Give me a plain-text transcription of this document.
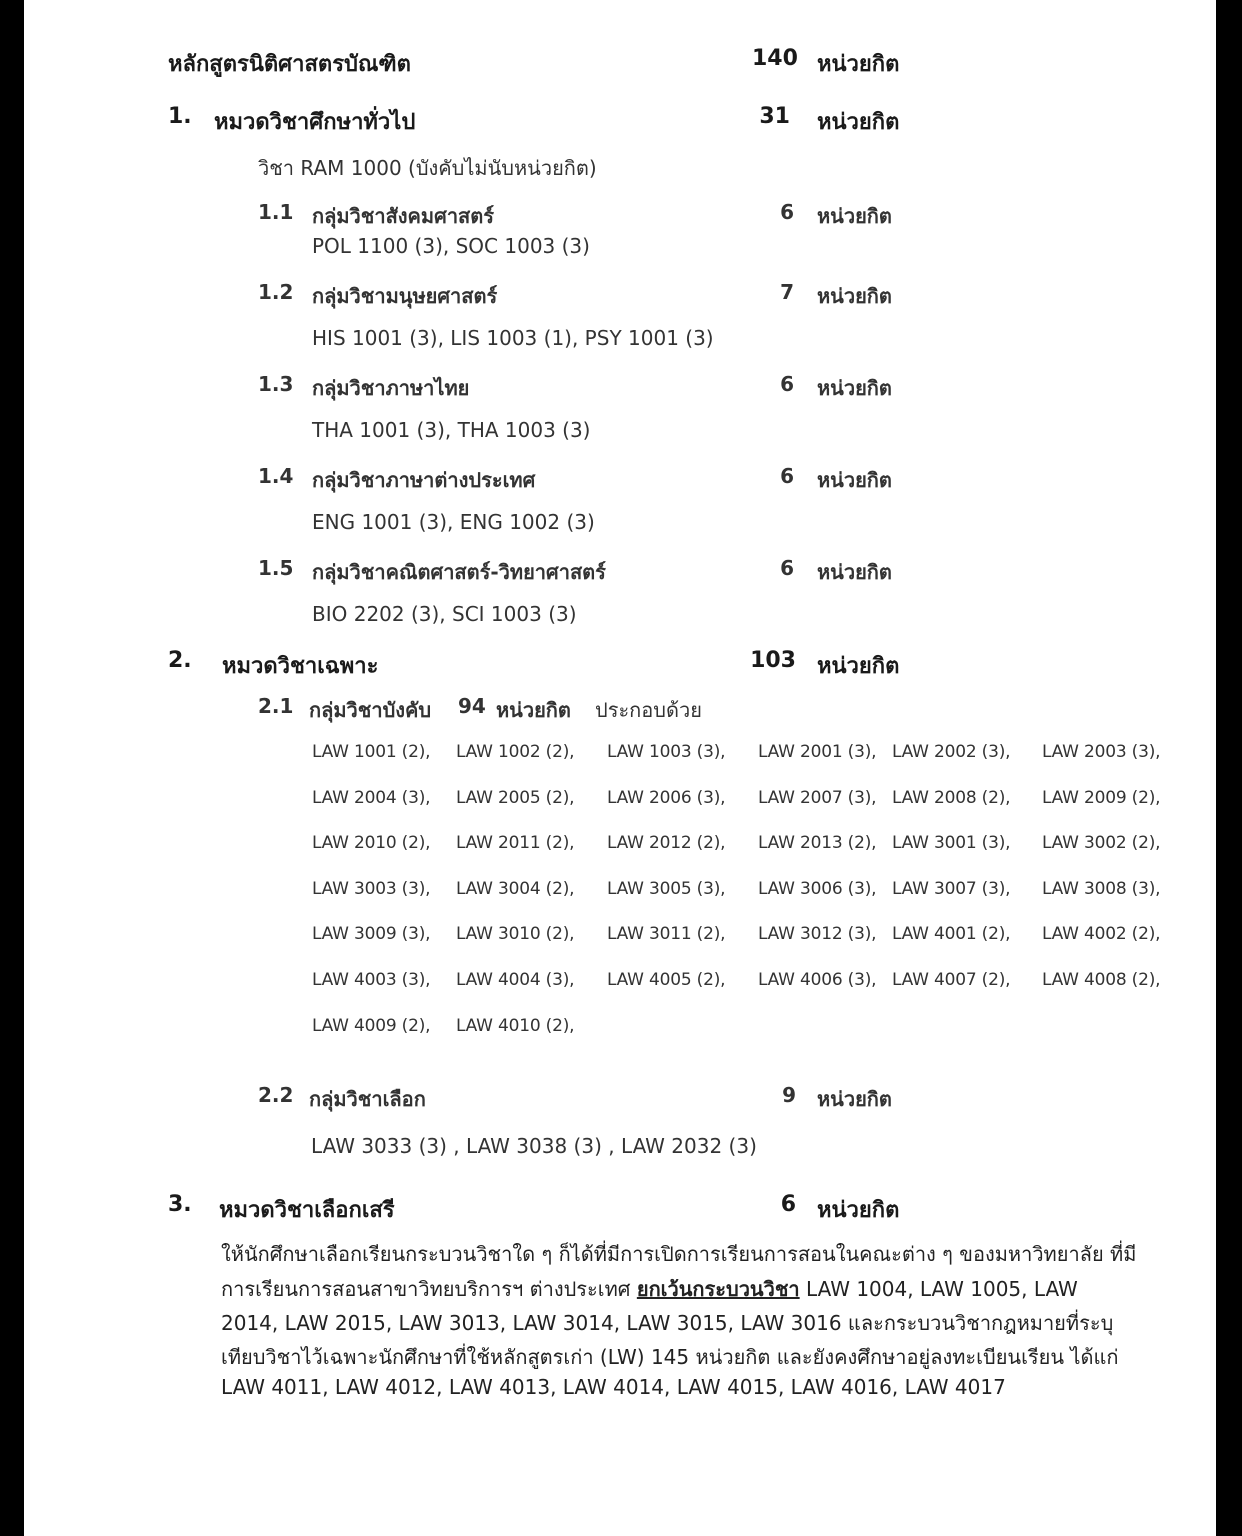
หลักสูตรนิติศาสตรบัณฑิต	140 หน่วยกิต
1. หมวดวิชาศึกษาทั่วไป	31 หน่วยกิต
วิชา RAM 1000 (บังคับไม่นับหน่วยกิต)
1.1 กลุ่มวิชาสังคมศาสตร์	6 หน่วยกิต
POL 1100 (3), SOC 1003 (3)
1.2 กลุ่มวิชามนุษยศาสตร์	7 หน่วยกิต
HIS 1001 (3), LIS 1003 (1), PSY 1001 (3)
1.3 กลุ่มวิชาภาษาไทย	6 หน่วยกิต
THA 1001 (3), THA 1003 (3)
1.4 กลุ่มวิชาภาษาต่างประเทศ	6 หน่วยกิต
ENG 1001 (3), ENG 1002 (3)
1.5 กลุ่มวิชาคณิตศาสตร์-วิทยาศาสตร์	6 หน่วยกิต
BIO 2202 (3), SCI 1003 (3)
2. หมวดวิชาเฉพาะ	103 หน่วยกิต
2.1 กลุ่มวิชาบังคับ 94 หน่วยกิต ประกอบด้วย
LAW 1001 (2), LAW 1002 (2), LAW 1003 (3), LAW 2001 (3), LAW 2002 (3), LAW 2003 (3),
LAW 2004 (3), LAW 2005 (2), LAW 2006 (3), LAW 2007 (3), LAW 2008 (2), LAW 2009 (2),
LAW 2010 (2), LAW 2011 (2), LAW 2012 (2), LAW 2013 (2), LAW 3001 (3), LAW 3002 (2),
LAW 3003 (3), LAW 3004 (2), LAW 3005 (3), LAW 3006 (3), LAW 3007 (3), LAW 3008 (3),
LAW 3009 (3), LAW 3010 (2), LAW 3011 (2), LAW 3012 (3), LAW 4001 (2), LAW 4002 (2),
LAW 4003 (3), LAW 4004 (3), LAW 4005 (2), LAW 4006 (3), LAW 4007 (2), LAW 4008 (2),
LAW 4009 (2), LAW 4010 (2),
2.2 กลุ่มวิชาเลือก	9 หน่วยกิต
LAW 3033 (3) , LAW 3038 (3) , LAW 2032 (3)
3. หมวดวิชาเลือกเสรี	6 หน่วยกิต
ให้นักศึกษาเลือกเรียนกระบวนวิชาใด ๆ ก็ได้ที่มีการเปิดการเรียนการสอนในคณะต่าง ๆ ของมหาวิทยาลัย ที่มี
การเรียนการสอนสาขาวิทยบริการฯ ต่างประเทศ ยกเว้นกระบวนวิชา LAW 1004, LAW 1005, LAW
2014, LAW 2015, LAW 3013, LAW 3014, LAW 3015, LAW 3016 และกระบวนวิชากฎหมายที่ระบุ
เทียบวิชาไว้เฉพาะนักศึกษาที่ใช้หลักสูตรเก่า (LW) 145 หน่วยกิต และยังคงศึกษาอยู่ลงทะเบียนเรียน ได้แก่
LAW 4011, LAW 4012, LAW 4013, LAW 4014, LAW 4015, LAW 4016, LAW 4017
